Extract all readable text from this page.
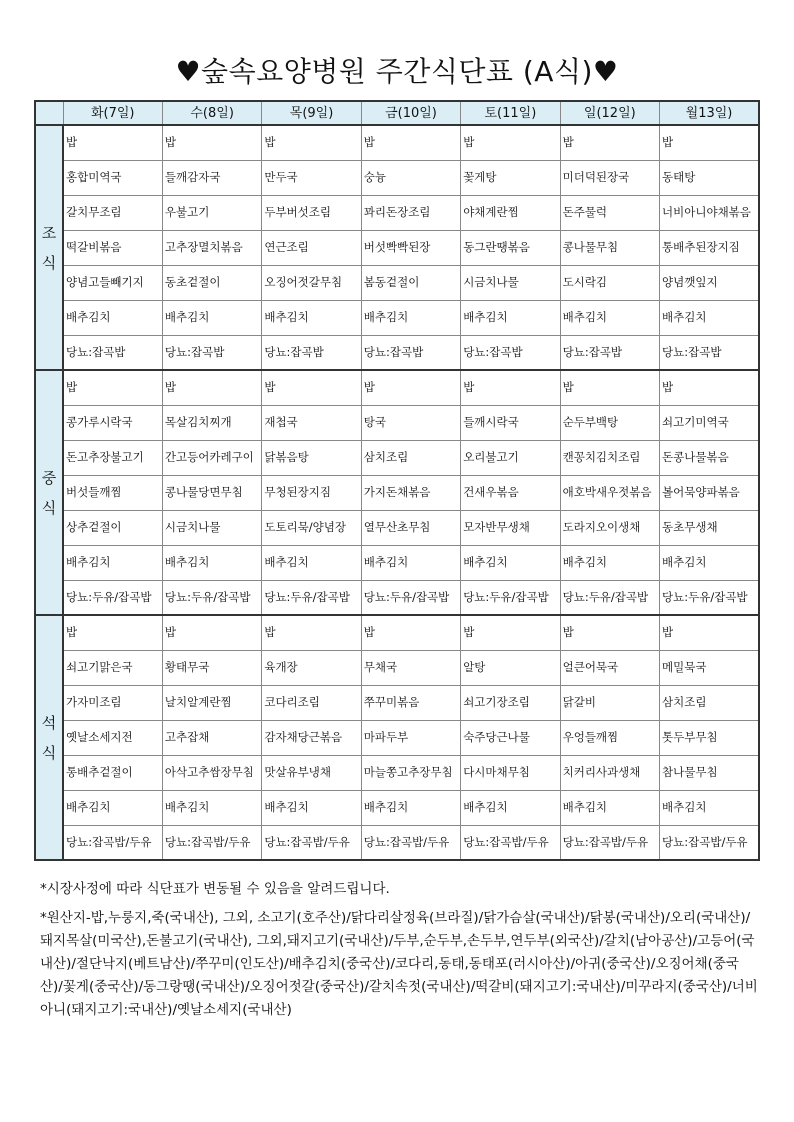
♥숲속요양병원 주간식단표 (A식)♥
	화(7일)	수(8일)	목(9일)	금(10일)	토(11일)	일(12일)	월13일)
조
식	밥	밥	밥	밥	밥	밥	밥
	홍합미역국	들깨감자국	만두국	숭늉	꽃게탕	미더덕된장국	동태탕
	갈치무조림	우불고기	두부버섯조림	꽈리돈장조림	야채계란찜	돈주물럭	너비아니야채볶음
	떡갈비볶음	고추장멸치볶음	연근조림	버섯빡빡된장	동그란땡볶음	콩나물무침	통배추된장지짐
	양념고들빼기지	동초겉절이	오징어젓갈무침	봄동겉절이	시금치나물	도시락김	양념깻잎지
	배추김치	배추김치	배추김치	배추김치	배추김치	배추김치	배추김치
	당뇨:잡곡밥	당뇨:잡곡밥	당뇨:잡곡밥	당뇨:잡곡밥	당뇨:잡곡밥	당뇨:잡곡밥	당뇨:잡곡밥
중
식	밥	밥	밥	밥	밥	밥	밥
	콩가루시락국	목살김치찌개	재첩국	탕국	들깨시락국	순두부백탕	쇠고기미역국
	돈고추장불고기	간고등어카레구이	닭볶음탕	삼치조림	오리불고기	캔꽁치김치조림	돈콩나물볶음
	버섯들깨찜	콩나물당면무침	무청된장지짐	가지돈채볶음	건새우볶음	애호박새우젓볶음	볼어묵양파볶음
	상추겉절이	시금치나물	도토리묵/양념장	열무산초무침	모자반무생채	도라지오이생채	동초무생채
	배추김치	배추김치	배추김치	배추김치	배추김치	배추김치	배추김치
	당뇨:두유/잡곡밥	당뇨:두유/잡곡밥	당뇨:두유/잡곡밥	당뇨:두유/잡곡밥	당뇨:두유/잡곡밥	당뇨:두유/잡곡밥	당뇨:두유/잡곡밥
석
식	밥	밥	밥	밥	밥	밥	밥
	쇠고기맑은국	황태무국	육개장	무채국	알탕	얼큰어묵국	메밀묵국
	가자미조림	날치알계란찜	코다리조림	쭈꾸미볶음	쇠고기장조림	닭갈비	삼치조림
	옛날소세지전	고추잡채	감자채당근볶음	마파두부	숙주당근나물	우엉들깨찜	톳두부무침
	통배추겉절이	아삭고추쌈장무침	맛살유부냉채	마늘쫑고추장무침	다시마채무침	치커리사과생채	참나물무침
	배추김치	배추김치	배추김치	배추김치	배추김치	배추김치	배추김치
	당뇨:잡곡밥/두유	당뇨:잡곡밥/두유	당뇨:잡곡밥/두유	당뇨:잡곡밥/두유	당뇨:잡곡밥/두유	당뇨:잡곡밥/두유	당뇨:잡곡밥/두유
*시장사정에 따라 식단표가 변동될 수 있음을 알려드립니다.
*원산지-밥,누룽지,죽(국내산), 그외, 소고기(호주산)/닭다리살정육(브라질)/닭가슴살(국내산)/닭봉(국내산)/오리(국내산)/돼지목살(미국산),돈불고기(국내산), 그외,돼지고기(국내산)/두부,순두부,손두부,연두부(외국산)/갈치(남아공산)/고등어(국내산)/절단낙지(베트남산)/쭈꾸미(인도산)/배추김치(중국산)/코다리,동태,동태포(러시아산)/아귀(중국산)/오징어채(중국산)/꽃게(중국산)/동그랑땡(국내산)/오징어젓갈(중국산)/갈치속젓(국내산)/떡갈비(돼지고기:국내산)/미꾸라지(중국산)/너비아니(돼지고기:국내산)/옛날소세지(국내산)
